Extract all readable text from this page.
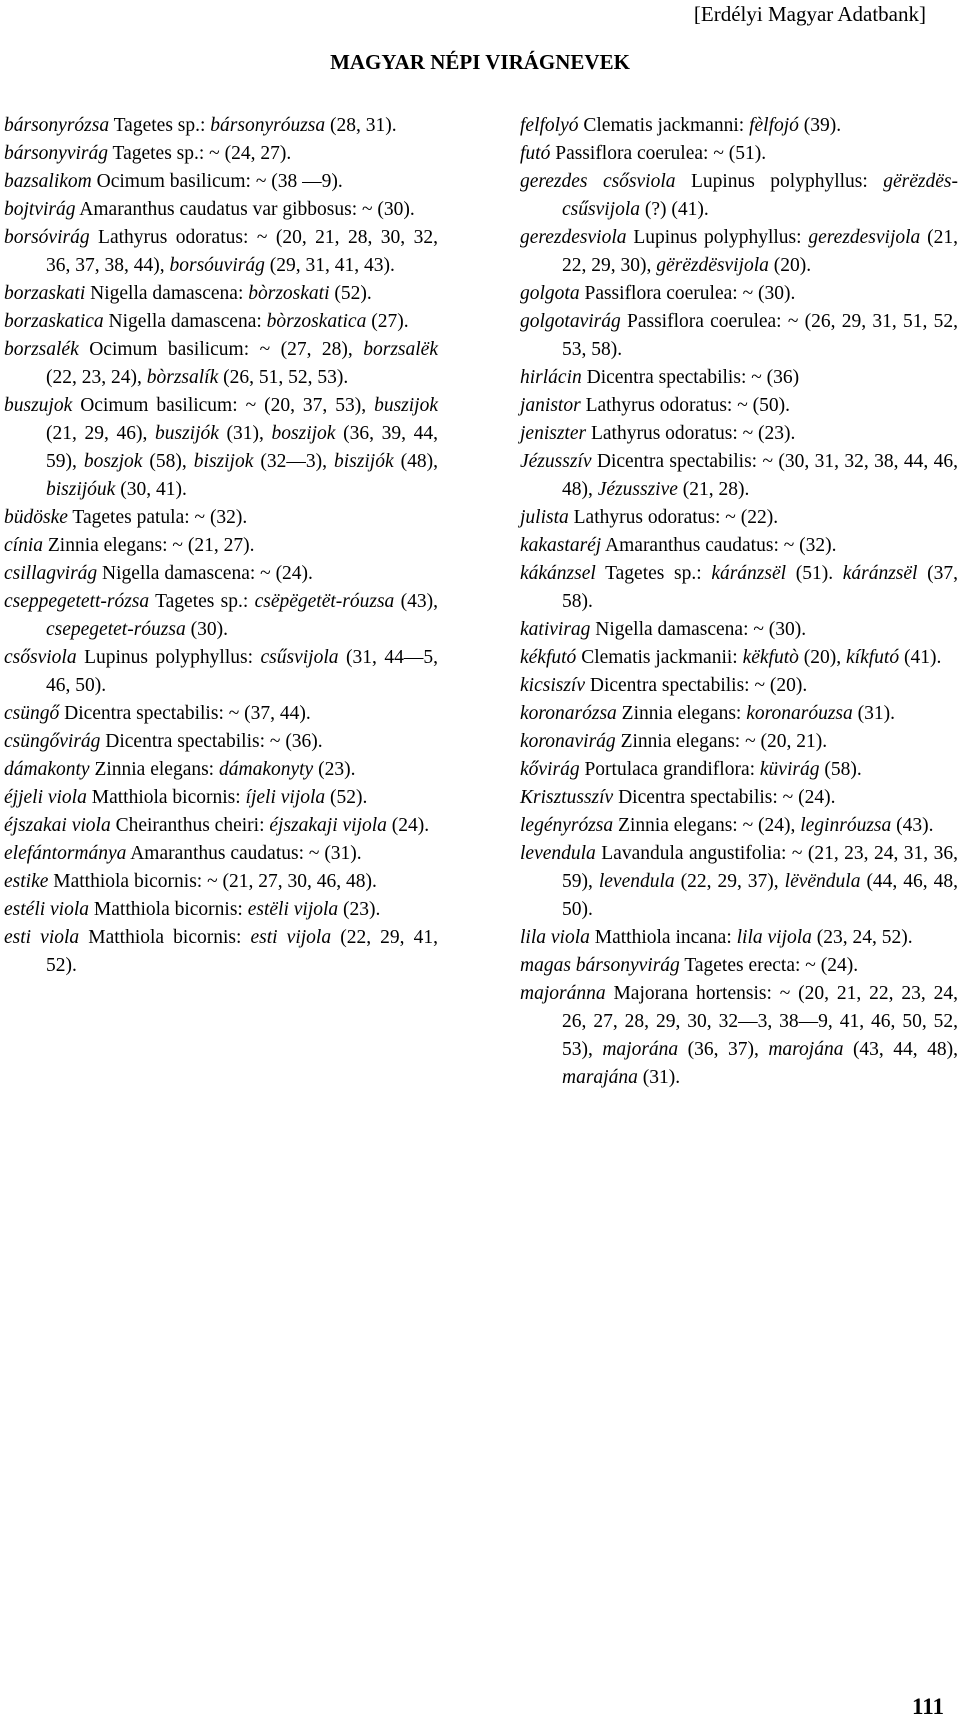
[Erdélyi Magyar Adatbank]
MAGYAR NÉPI VIRÁGNEVEK

bársonyrózsa Tagetes sp.: bársonyróuzsa (28, 31).

bársonyvirág Tagetes sp.: ~ (24, 27).

bazsalikom Ocimum basilicum: ~ (38 —9).

bojtvirág Amaranthus caudatus var gibbosus: ~ (30).

borsóvirág Lathyrus odoratus: ~ (20, 21, 28, 30, 32, 36, 37, 38, 44), borsóuvirág (29, 31, 41, 43).

borzaskati Nigella damascena: bòrzoskati (52).

borzaskatica Nigella damascena: bòrzoskatica (27).

borzsalék Ocimum basilicum: ~ (27, 28), borzsalëk (22, 23, 24), bòrzsalík (26, 51, 52, 53).

buszujok Ocimum basilicum: ~ (20, 37, 53), buszijok (21, 29, 46), buszijók (31), boszijok (36, 39, 44, 59), boszjok (58), biszijok (32—3), biszijók (48), biszijóuk (30, 41).

büdöske Tagetes patula: ~ (32).

cínia Zinnia elegans: ~ (21, 27).

csillagvirág Nigella damascena: ~ (24).

cseppegetett-rózsa Tagetes sp.: csëpëgetët-róuzsa (43), csepegetet-róuzsa (30).

csősviola Lupinus polyphyllus: csűsvijola (31, 44—5, 46, 50).

csüngő Dicentra spectabilis: ~ (37, 44).

csüngővirág Dicentra spectabilis: ~ (36).

dámakonty Zinnia elegans: dámakonyty (23).

éjjeli viola Matthiola bicornis: íjeli vijola (52).

éjszakai viola Cheiranthus cheiri: éjszakaji vijola (24).

elefántormánya Amaranthus caudatus: ~ (31).

estike Matthiola bicornis: ~ (21, 27, 30, 46, 48).

estéli viola Matthiola bicornis: estëli vijola (23).

esti viola Matthiola bicornis: esti vijola (22, 29, 41, 52).

felfolyó Clematis jackmanni: fèlfojó (39).

futó Passiflora coerulea: ~ (51).

gerezdes csősviola Lupinus polyphyllus: gërëzdës-csűsvijola (?) (41).

gerezdesviola Lupinus polyphyllus: gerezdesvijola (21, 22, 29, 30), gërëzdësvijola (20).

golgota Passiflora coerulea: ~ (30).

golgotavirág Passiflora coerulea: ~ (26, 29, 31, 51, 52, 53, 58).

hirlácin Dicentra spectabilis: ~ (36)

janistor Lathyrus odoratus: ~ (50).

jeniszter Lathyrus odoratus: ~ (23).

Jézusszív Dicentra spectabilis: ~ (30, 31, 32, 38, 44, 46, 48), Jézusszive (21, 28).

julista Lathyrus odoratus: ~ (22).

kakastaréj Amaranthus caudatus: ~ (32).

kákánzsel Tagetes sp.: káránzsël (51). káránzsël (37, 58).

kativirag Nigella damascena: ~ (30).

kékfutó Clematis jackmanii: këkfutò (20), kíkfutó (41).

kicsiszív Dicentra spectabilis: ~ (20).

koronarózsa Zinnia elegans: koronaróuzsa (31).

koronavirág Zinnia elegans: ~ (20, 21).

kővirág Portulaca grandiflora: küvirág (58).

Krisztusszív Dicentra spectabilis: ~ (24).

legényrózsa Zinnia elegans: ~ (24), leginróuzsa (43).

levendula Lavandula angustifolia: ~ (21, 23, 24, 31, 36, 59), levendula (22, 29, 37), lëvëndula (44, 46, 48, 50).

lila viola Matthiola incana: lila vijola (23, 24, 52).

magas bársonyvirág Tagetes erecta: ~ (24).

majoránna Majorana hortensis: ~ (20, 21, 22, 23, 24, 26, 27, 28, 29, 30, 32—3, 38—9, 41, 46, 50, 52, 53), majorána (36, 37), marojána (43, 44, 48), marajána (31).

111
